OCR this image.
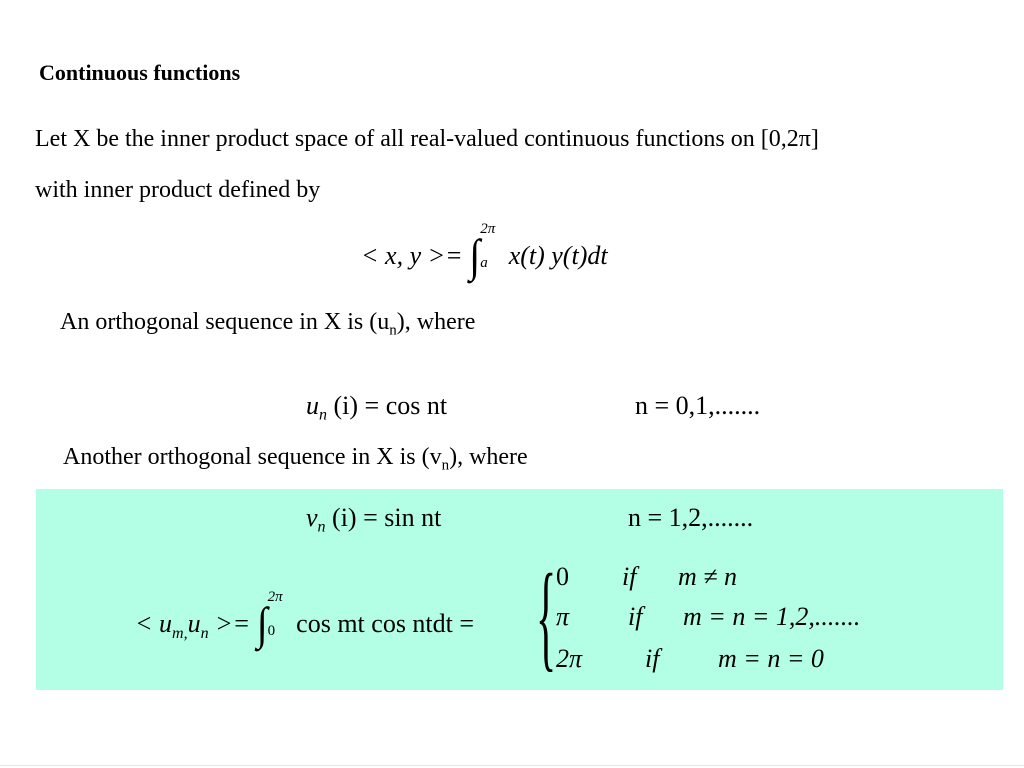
Continuous functions
Let X be the inner product space of all real-valued continuous functions on [0,2π]
with inner product defined by
< x, y >= ∫
2π
a x(t) y(t)dt
An orthogonal sequence in X is $(u_n)$, where
$u_n$ (i) = cos nt	n = 0,1,.......
Another orthogonal sequence in X is $(v_n)$, where
$v_n$ (i) = sin nt	n = 1,2,.......
< $u_{m,}u_n$ >= ∫
2π
0 cos mt cos ntdt = { 0 if m ≠ n
π if m = n = 1,2,.......
2π if m = n = 0
